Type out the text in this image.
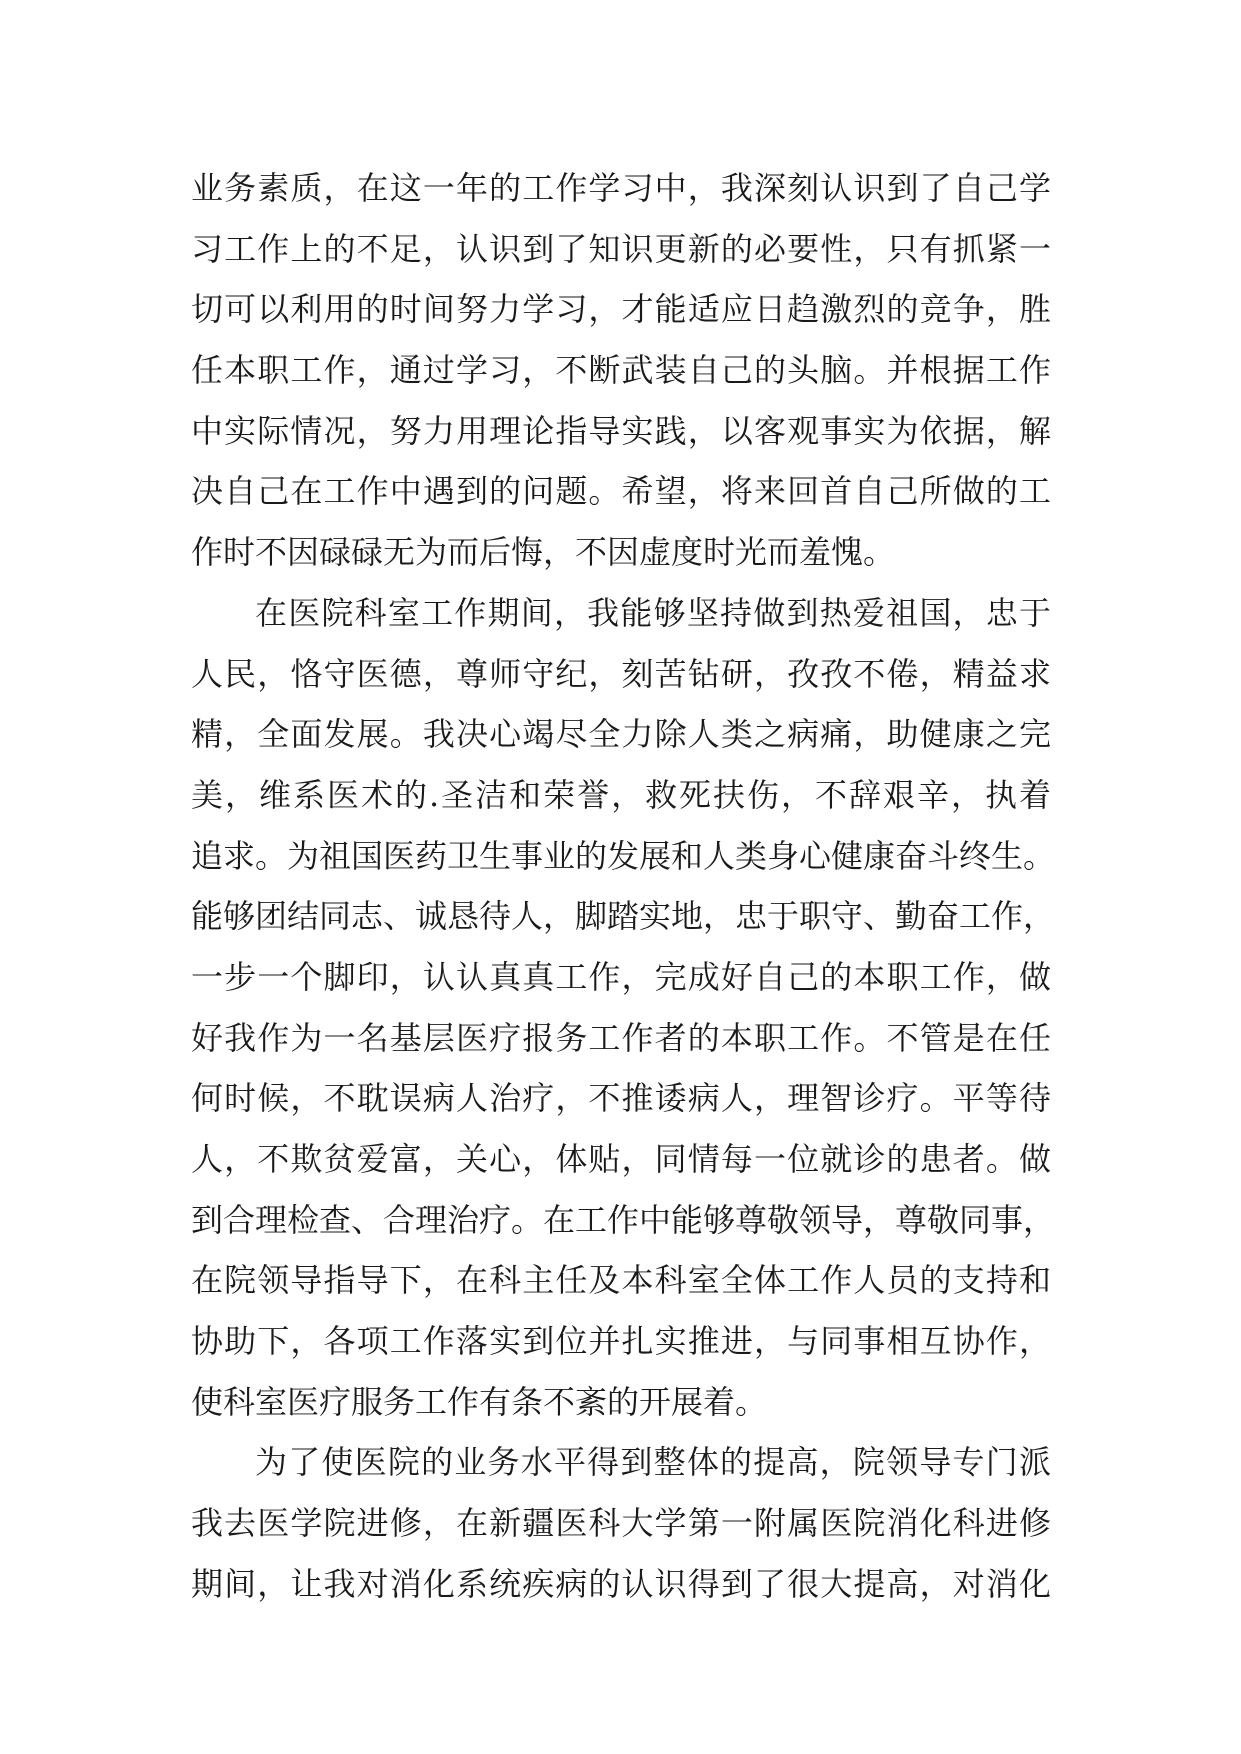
业务素质，在这一年的工作学习中，我深刻认识到了自己学
习工作上的不足，认识到了知识更新的必要性，只有抓紧一
切可以利用的时间努力学习，才能适应日趋激烈的竞争，胜
任本职工作，通过学习，不断武装自己的头脑。并根据工作
中实际情况，努力用理论指导实践，以客观事实为依据，解
决自己在工作中遇到的问题。希望，将来回首自己所做的工
作时不因碌碌无为而后悔，不因虚度时光而羞愧。
在医院科室工作期间，我能够坚持做到热爱祖国，忠于
人民，恪守医德，尊师守纪，刻苦钻研，孜孜不倦，精益求
精，全面发展。我决心竭尽全力除人类之病痛，助健康之完
美，维系医术的.圣洁和荣誉，救死扶伤，不辞艰辛，执着
追求。为祖国医药卫生事业的发展和人类身心健康奋斗终生。
能够团结同志、诚恳待人，脚踏实地，忠于职守、勤奋工作，
一步一个脚印，认认真真工作，完成好自己的本职工作，做
好我作为一名基层医疗报务工作者的本职工作。不管是在任
何时候，不耽误病人治疗，不推诿病人，理智诊疗。平等待
人，不欺贫爱富，关心，体贴，同情每一位就诊的患者。做
到合理检查、合理治疗。在工作中能够尊敬领导，尊敬同事，
在院领导指导下，在科主任及本科室全体工作人员的支持和
协助下，各项工作落实到位并扎实推进，与同事相互协作，
使科室医疗服务工作有条不紊的开展着。
为了使医院的业务水平得到整体的提高，院领导专门派
我去医学院进修，在新疆医科大学第一附属医院消化科进修
期间，让我对消化系统疾病的认识得到了很大提高，对消化
